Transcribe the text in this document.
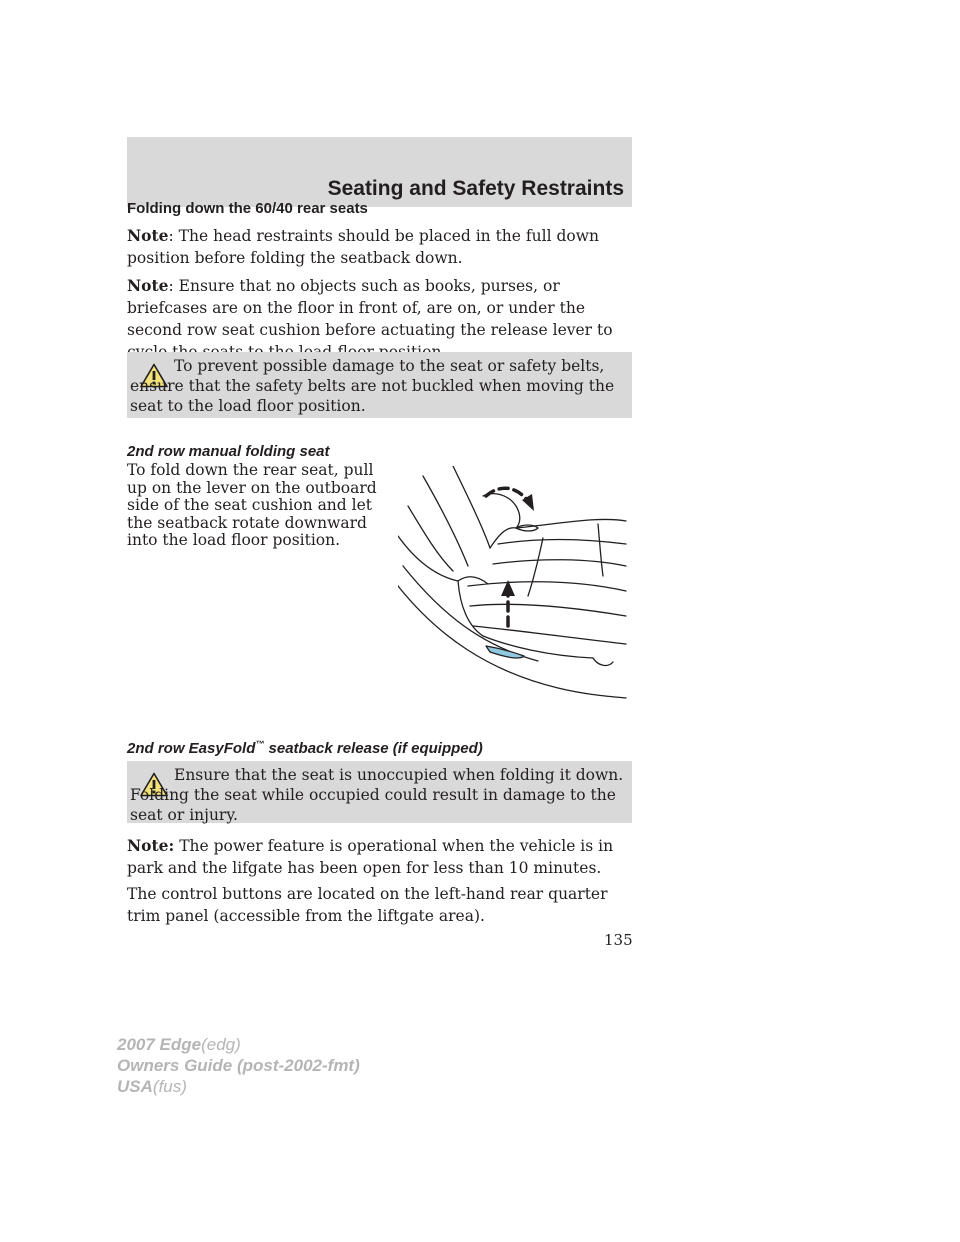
Seating and Safety Restraints

Folding down the 60/40 rear seats

Note: The head restraints should be placed in the full down position before folding the seatback down.

Note: Ensure that no objects such as books, purses, or briefcases are on the floor in front of, are on, or under the second row seat cushion before actuating the release lever to

To prevent possible damage to the seat or safety belts, ensure that the safety belts are not buckled when moving the seat to the load floor position.

2nd row manual folding seat

To fold down the rear seat, pull up on the lever on the outboard side of the seat cushion and let the seatback rotate downward into the load floor position.

2nd row EasyFold™ seatback release (if equipped)

Ensure that the seat is unoccupied when folding it down. Folding the seat while occupied could result in damage to the seat or injury.

Note: The power feature is operational when the vehicle is in park and the lifgate has been open for less than 10 minutes.

The control buttons are located on the left-hand rear quarter trim panel (accessible from the liftgate area).

135
2007 Edge(edg)
Owners Guide (post-2002-fmt)
USA(fus)
